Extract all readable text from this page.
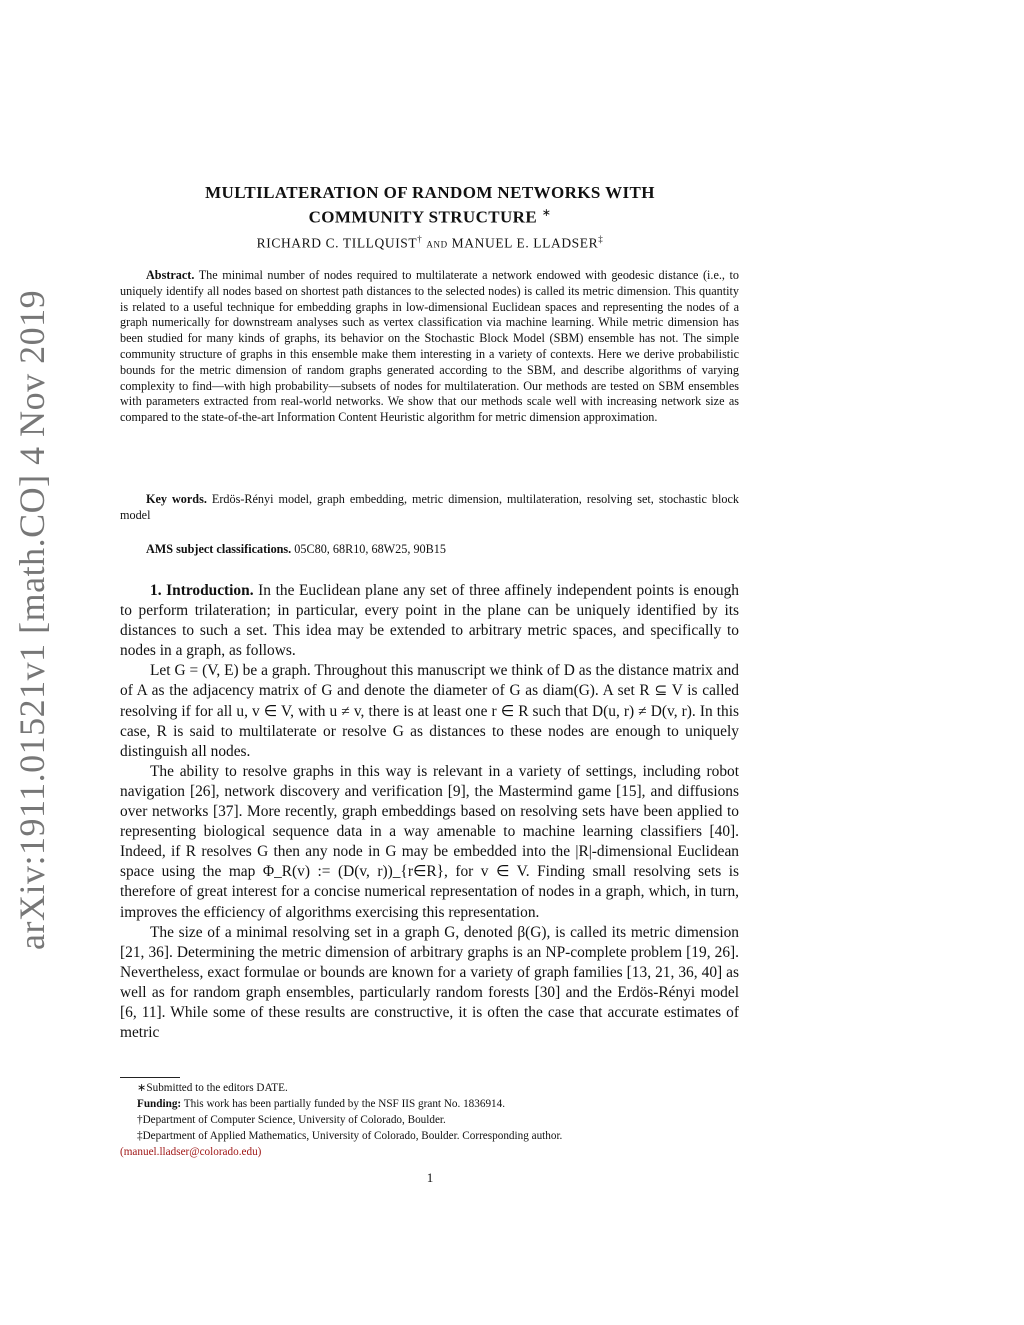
arXiv:1911.01521v1 [math.CO] 4 Nov 2019
MULTILATERATION OF RANDOM NETWORKS WITH
COMMUNITY STRUCTURE ∗
RICHARD C. TILLQUIST† and MANUEL E. LLADSER‡
Abstract. The minimal number of nodes required to multilaterate a network endowed with geodesic distance (i.e., to uniquely identify all nodes based on shortest path distances to the selected nodes) is called its metric dimension. This quantity is related to a useful technique for embedding graphs in low-dimensional Euclidean spaces and representing the nodes of a graph numerically for downstream analyses such as vertex classification via machine learning. While metric dimension has been studied for many kinds of graphs, its behavior on the Stochastic Block Model (SBM) ensemble has not. The simple community structure of graphs in this ensemble make them interesting in a variety of contexts. Here we derive probabilistic bounds for the metric dimension of random graphs generated according to the SBM, and describe algorithms of varying complexity to find—with high probability—subsets of nodes for multilateration. Our methods are tested on SBM ensembles with parameters extracted from real-world networks. We show that our methods scale well with increasing network size as compared to the state-of-the-art Information Content Heuristic algorithm for metric dimension approximation.
Key words. Erdös-Rényi model, graph embedding, metric dimension, multilateration, resolving set, stochastic block model
AMS subject classifications. 05C80, 68R10, 68W25, 90B15

1. Introduction. In the Euclidean plane any set of three affinely independent points is enough to perform trilateration; in particular, every point in the plane can be uniquely identified by its distances to such a set. This idea may be extended to arbitrary metric spaces, and specifically to nodes in a graph, as follows.

Let G = (V, E) be a graph. Throughout this manuscript we think of D as the distance matrix and of A as the adjacency matrix of G and denote the diameter of G as diam(G). A set R ⊆ V is called resolving if for all u, v ∈ V, with u ≠ v, there is at least one r ∈ R such that D(u, r) ≠ D(v, r). In this case, R is said to multilaterate or resolve G as distances to these nodes are enough to uniquely distinguish all nodes.

The ability to resolve graphs in this way is relevant in a variety of settings, including robot navigation [26], network discovery and verification [9], the Mastermind game [15], and diffusions over networks [37]. More recently, graph embeddings based on resolving sets have been applied to representing biological sequence data in a way amenable to machine learning classifiers [40]. Indeed, if R resolves G then any node in G may be embedded into the |R|-dimensional Euclidean space using the map Φ_R(v) := (D(v, r))_{r∈R}, for v ∈ V. Finding small resolving sets is therefore of great interest for a concise numerical representation of nodes in a graph, which, in turn, improves the efficiency of algorithms exercising this representation.

The size of a minimal resolving set in a graph G, denoted β(G), is called its metric dimension [21, 36]. Determining the metric dimension of arbitrary graphs is an NP-complete problem [19, 26]. Nevertheless, exact formulae or bounds are known for a variety of graph families [13, 21, 36, 40] as well as for random graph ensembles, particularly random forests [30] and the Erdös-Rényi model [6, 11]. While some of these results are constructive, it is often the case that accurate estimates of metric

∗Submitted to the editors DATE.
Funding: This work has been partially funded by the NSF IIS grant No. 1836914.
†Department of Computer Science, University of Colorado, Boulder.
‡Department of Applied Mathematics, University of Colorado, Boulder. Corresponding author.
(manuel.lladser@colorado.edu)
1
